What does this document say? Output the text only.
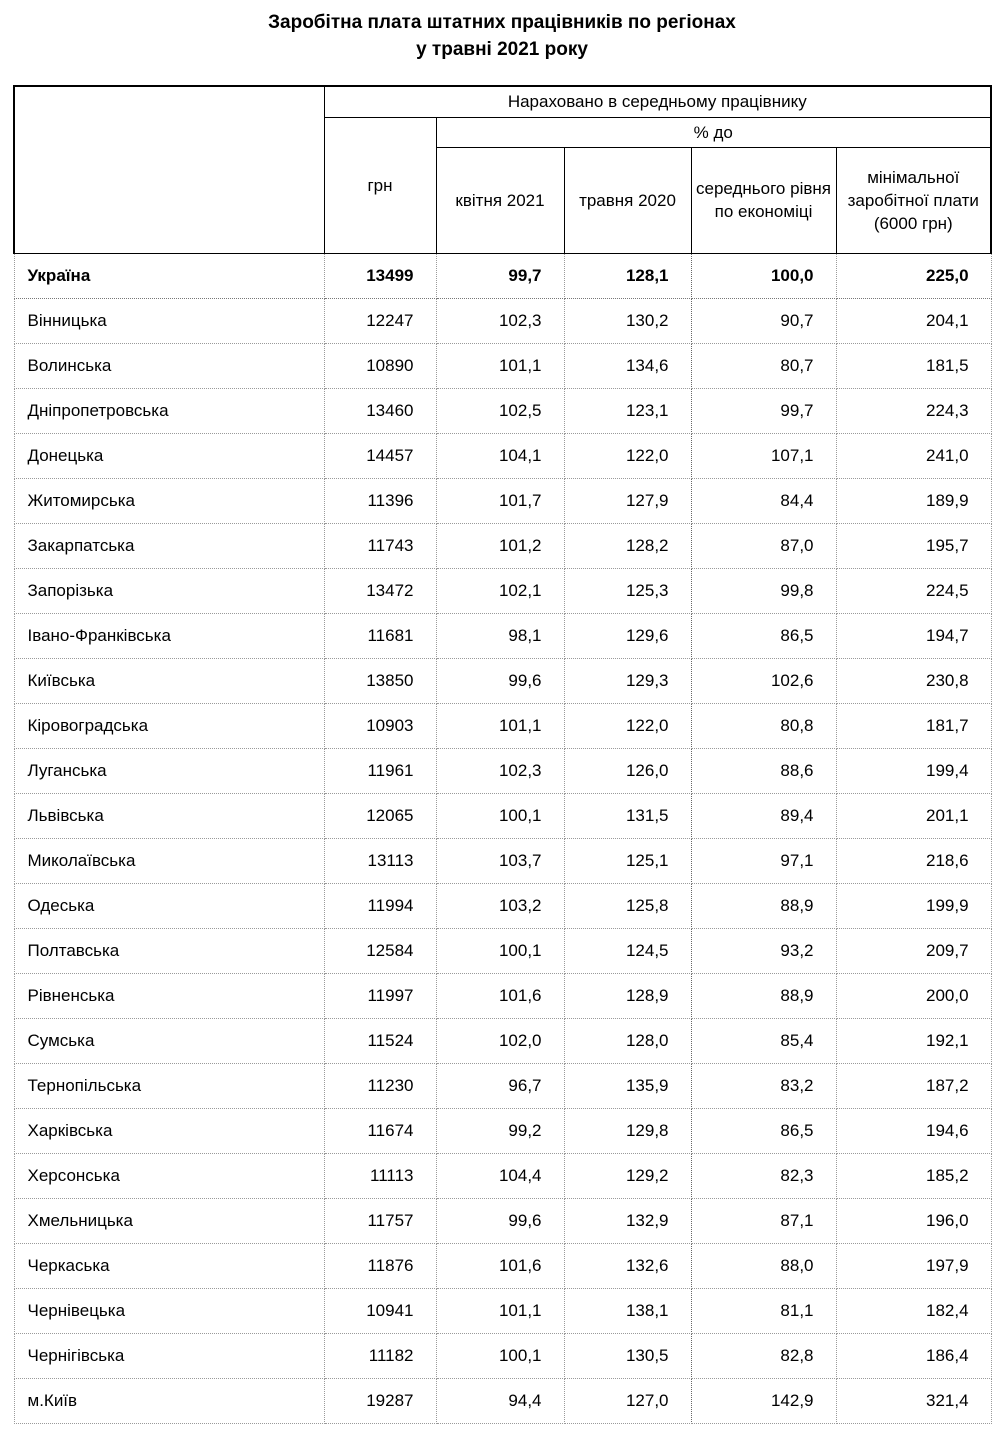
Заробітна плата штатних працівників по регіонах
у травні 2021 року
	Нараховано в середньому працівнику				
	грн	% до			
		квітня 2021	травня 2020	середнього рівня по економіці	мінімальної заробітної плати (6000 грн)
Україна	13499	99,7	128,1	100,0	225,0
Вінницька	12247	102,3	130,2	90,7	204,1
Волинська	10890	101,1	134,6	80,7	181,5
Дніпропетровська	13460	102,5	123,1	99,7	224,3
Донецька	14457	104,1	122,0	107,1	241,0
Житомирська	11396	101,7	127,9	84,4	189,9
Закарпатська	11743	101,2	128,2	87,0	195,7
Запорізька	13472	102,1	125,3	99,8	224,5
Івано-Франківська	11681	98,1	129,6	86,5	194,7
Київська	13850	99,6	129,3	102,6	230,8
Кіровоградська	10903	101,1	122,0	80,8	181,7
Луганська	11961	102,3	126,0	88,6	199,4
Львівська	12065	100,1	131,5	89,4	201,1
Миколаївська	13113	103,7	125,1	97,1	218,6
Одеська	11994	103,2	125,8	88,9	199,9
Полтавська	12584	100,1	124,5	93,2	209,7
Рівненська	11997	101,6	128,9	88,9	200,0
Сумська	11524	102,0	128,0	85,4	192,1
Тернопільська	11230	96,7	135,9	83,2	187,2
Харківська	11674	99,2	129,8	86,5	194,6
Херсонська	11113	104,4	129,2	82,3	185,2
Хмельницька	11757	99,6	132,9	87,1	196,0
Черкаська	11876	101,6	132,6	88,0	197,9
Чернівецька	10941	101,1	138,1	81,1	182,4
Чернігівська	11182	100,1	130,5	82,8	186,4
м.Київ	19287	94,4	127,0	142,9	321,4
